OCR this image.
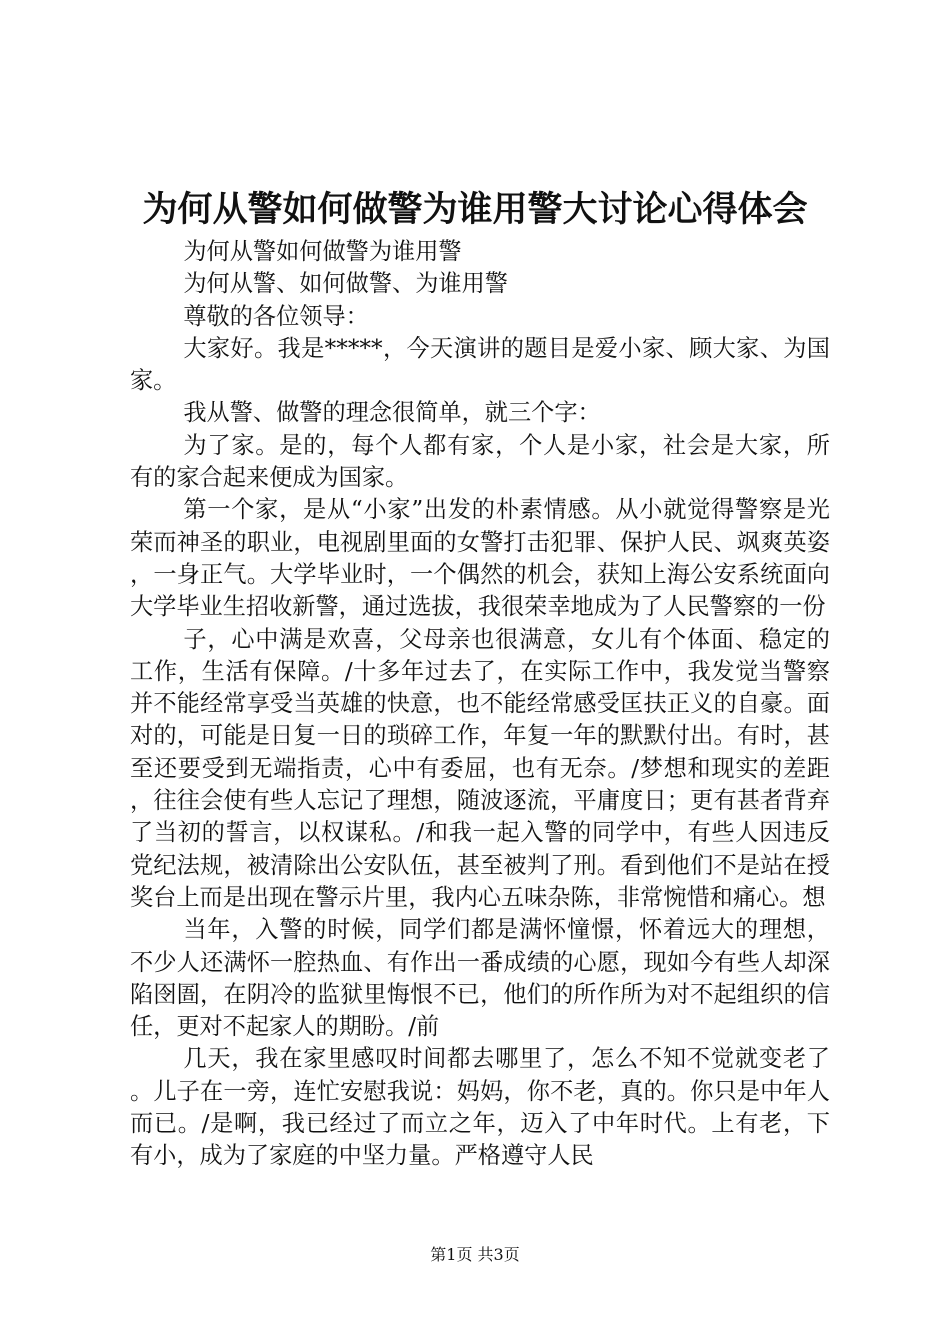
为何从警如何做警为谁用警大讨论心得体会

为何从警如何做警为谁用警

为何从警、如何做警、为谁用警

尊敬的各位领导：

大家好。我是*****，今天演讲的题目是爱小家、顾大家、为国家。

我从警、做警的理念很简单，就三个字：

为了家。是的，每个人都有家，个人是小家，社会是大家，所有的家合起来便成为国家。

第一个家，是从“小家”出发的朴素情感。从小就觉得警察是光荣而神圣的职业，电视剧里面的女警打击犯罪、保护人民、飒爽英姿，一身正气。大学毕业时，一个偶然的机会，获知上海公安系统面向大学毕业生招收新警，通过选拔，我很荣幸地成为了人民警察的一份

子，心中满是欢喜，父母亲也很满意，女儿有个体面、稳定的工作，生活有保障。/十多年过去了，在实际工作中，我发觉当警察并不能经常享受当英雄的快意，也不能经常感受匡扶正义的自豪。面对的，可能是日复一日的琐碎工作，年复一年的默默付出。有时，甚至还要受到无端指责，心中有委屈，也有无奈。/梦想和现实的差距，往往会使有些人忘记了理想，随波逐流，平庸度日；更有甚者背弃了当初的誓言，以权谋私。/和我一起入警的同学中，有些人因违反党纪法规，被清除出公安队伍，甚至被判了刑。看到他们不是站在授奖台上而是出现在警示片里，我内心五味杂陈，非常惋惜和痛心。想

当年，入警的时候，同学们都是满怀憧憬，怀着远大的理想，不少人还满怀一腔热血、有作出一番成绩的心愿，现如今有些人却深陷囹圄，在阴冷的监狱里悔恨不已，他们的所作所为对不起组织的信任，更对不起家人的期盼。/前

几天，我在家里感叹时间都去哪里了，怎么不知不觉就变老了。儿子在一旁，连忙安慰我说：妈妈，你不老，真的。你只是中年人而已。/是啊，我已经过了而立之年，迈入了中年时代。上有老，下有小，成为了家庭的中坚力量。严格遵守人民

第1页 共3页
